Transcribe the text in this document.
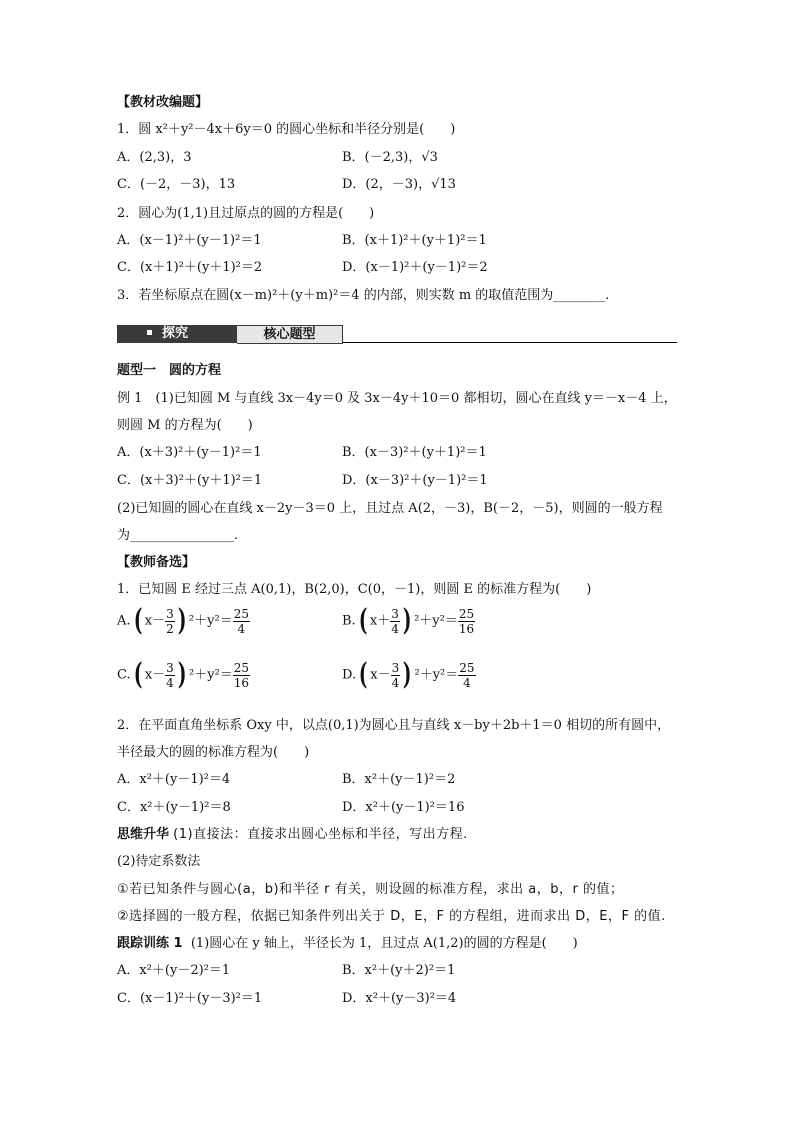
【教材改编题】
1．圆 x²＋y²－4x＋6y＝0 的圆心坐标和半径分别是(　　)
A．(2,3)，3	B．(－2,3)，√3
C．(－2，－3)，13	D．(2，－3)，√13
2．圆心为(1,1)且过原点的圆的方程是(　　)
A．(x－1)²＋(y－1)²＝1	B．(x＋1)²＋(y＋1)²＝1
C．(x＋1)²＋(y＋1)²＝2	D．(x－1)²＋(y－1)²＝2
3．若坐标原点在圆(x－m)²＋(y＋m)²＝4 的内部，则实数 m 的取值范围为________.
探究	核心题型
题型一　圆的方程
例 1　(1)已知圆 M 与直线 3x－4y＝0 及 3x－4y＋10＝0 都相切，圆心在直线 y＝－x－4 上，
则圆 M 的方程为(　　)
A．(x＋3)²＋(y－1)²＝1	B．(x－3)²＋(y＋1)²＝1
C．(x＋3)²＋(y＋1)²＝1	D．(x－3)²＋(y－1)²＝1
(2)已知圆的圆心在直线 x－2y－3＝0 上，且过点 A(2，－3)，B(－2，－5)，则圆的一般方程
为________________.
【教师备选】
1．已知圆 E 经过三点 A(0,1)，B(2,0)，C(0，－1)，则圆 E 的标准方程为(　　)
A.( $x- \frac{3}{2}$ ) $^2+y^2= \frac{25}{4}$	B.( $x+ \frac{3}{4}$ ) $^2+y^2= \frac{25}{16}$
C.( $x- \frac{3}{4}$ ) $^2+y^2= \frac{25}{16}$	D.( $x- \frac{3}{4}$ ) $^2+y^2= \frac{25}{4}$
2．在平面直角坐标系 Oxy 中，以点(0,1)为圆心且与直线 x－by＋2b＋1＝0 相切的所有圆中，
半径最大的圆的标准方程为(　　)
A．x²＋(y－1)²＝4	B．x²＋(y－1)²＝2
C．x²＋(y－1)²＝8	D．x²＋(y－1)²＝16
思维升华 (1)直接法：直接求出圆心坐标和半径，写出方程.
(2)待定系数法
①若已知条件与圆心(a，b)和半径 r 有关，则设圆的标准方程，求出 a，b，r 的值；
②选择圆的一般方程，依据已知条件列出关于 D，E，F 的方程组，进而求出 D，E，F 的值.
跟踪训练 1 (1)圆心在 y 轴上，半径长为 1，且过点 A(1,2)的圆的方程是(　　)
A．x²＋(y－2)²＝1	B．x²＋(y＋2)²＝1
C．(x－1)²＋(y－3)²＝1	D．x²＋(y－3)²＝4
